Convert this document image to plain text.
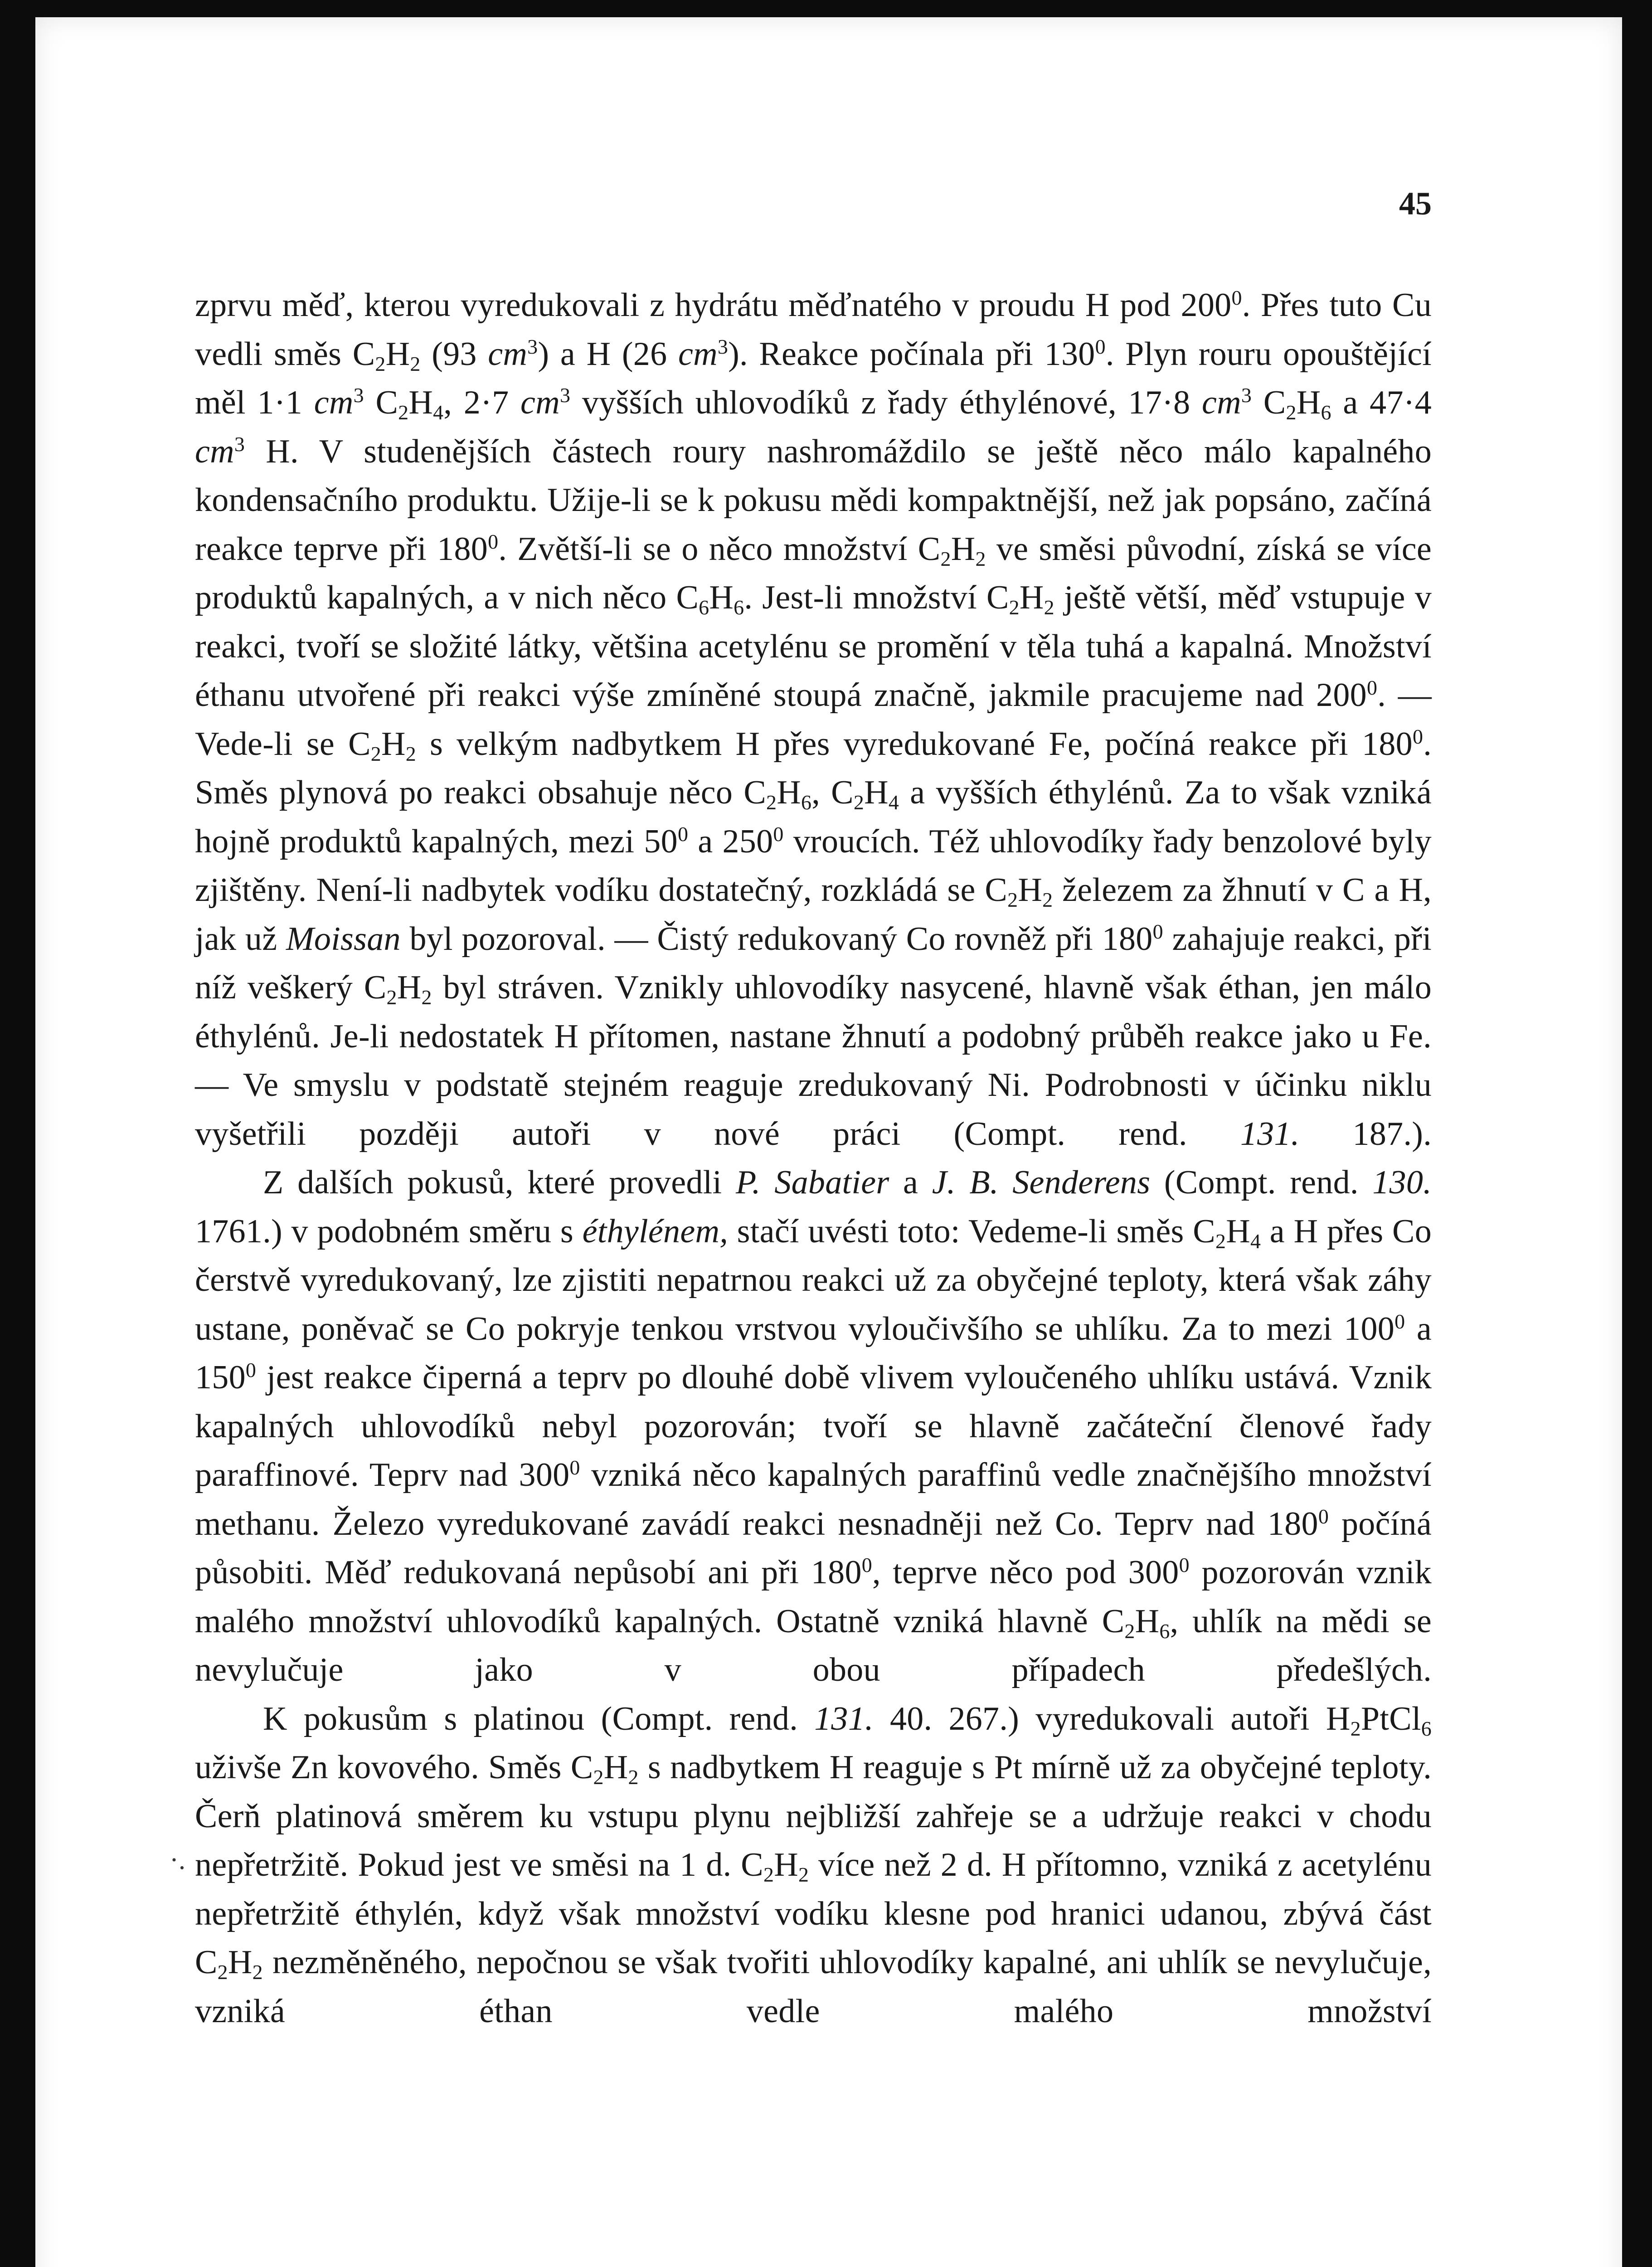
45

zprvu měď, kterou vyredukovali z hydrátu měďnatého v proudu H pod $200^0$. Přes tuto Cu vedli směs $C_2H_2$ (93 $cm^3$) a H (26 $cm^3$). Reakce počínala při $130^0$. Plyn rouru opouštějící měl 1·1 $cm^3$ $C_2H_4$, 2·7 $cm^3$ vyšších uhlovodíků z řady éthylénové, 17·8 $cm^3$ $C_2H_6$ a 47·4 $cm^3$ H. V studenějších částech roury nashromáždilo se ještě něco málo kapalného kondensačního produktu. Užije-li se k pokusu mědi kompaktnější, než jak popsáno, začíná reakce teprve při $180^0$. Zvětší-li se o něco množství $C_2H_2$ ve směsi původní, získá se více produktů kapalných, a v nich něco $C_6H_6$. Jest-li množství $C_2H_2$ ještě větší, měď vstupuje v reakci, tvoří se složité látky, většina acetylénu se promění v těla tuhá a kapalná. Množství éthanu utvořené při reakci výše zmíněné stoupá značně, jakmile pracujeme nad $200^0$. — Vede-li se $C_2H_2$ s velkým nadbytkem H přes vyredukované Fe, počíná reakce při $180^0$. Směs plynová po reakci obsahuje něco $C_2H_6$, $C_2H_4$ a vyšších éthylénů. Za to však vzniká hojně produktů kapalných, mezi $50^0$ a $250^0$ vroucích. Též uhlovodíky řady benzolové byly zjištěny. Není-li nadbytek vodíku dostatečný, rozkládá se $C_2H_2$ železem za žhnutí v C a H, jak už Moissan byl pozoroval. — Čistý redukovaný Co rovněž při $180^0$ zahajuje reakci, při níž veškerý $C_2H_2$ byl stráven. Vznikly uhlovodíky nasycené, hlavně však éthan, jen málo éthylénů. Je-li nedostatek H přítomen, nastane žhnutí a podobný průběh reakce jako u Fe. — Ve smyslu v podstatě stejném reaguje zredukovaný Ni. Podrobnosti v účinku niklu vyšetřili později autoři v nové práci (Compt. rend. 131. 187.).

Z dalších pokusů, které provedli P. Sabatier a J. B. Senderens (Compt. rend. 130. 1761.) v podobném směru s éthylénem, stačí uvésti toto: Vedeme-li směs $C_2H_4$ a H přes Co čerstvě vyredukovaný, lze zjistiti nepatrnou reakci už za obyčejné teploty, která však záhy ustane, poněvač se Co pokryje tenkou vrstvou vyloučivšího se uhlíku. Za to mezi $100^0$ a $150^0$ jest reakce čiperná a teprv po dlouhé době vlivem vyloučeného uhlíku ustává. Vznik kapalných uhlovodíků nebyl pozorován; tvoří se hlavně začáteční členové řady paraffinové. Teprv nad $300^0$ vzniká něco kapalných paraffinů vedle značnějšího množství methanu. Železo vyredukované zavádí reakci nesnadněji než Co. Teprv nad $180^0$ počíná působiti. Měď redukovaná nepůsobí ani při $180^0$, teprve něco pod $300^0$ pozorován vznik malého množství uhlovodíků kapalných. Ostatně vzniká hlavně $C_2H_6$, uhlík na mědi se nevylučuje jako v obou případech předešlých.

K pokusům s platinou (Compt. rend. 131. 40. 267.) vyredukovali autoři $H_2PtCl_6$ uživše Zn kovového. Směs $C_2H_2$ s nadbytkem H reaguje s Pt mírně už za obyčejné teploty. Čerň platinová směrem ku vstupu plynu nejbližší zahřeje se a udržuje reakci v chodu nepřetržitě. Pokud jest ve směsi na 1 d. $C_2H_2$ více než 2 d. H přítomno, vzniká z acetylénu nepřetržitě éthylén, když však množství vodíku klesne pod hranici udanou, zbývá část $C_2H_2$ nezměněného, nepočnou se však tvořiti uhlovodíky kapalné, ani uhlík se nevylučuje, vzniká éthan vedle malého množství

·.
